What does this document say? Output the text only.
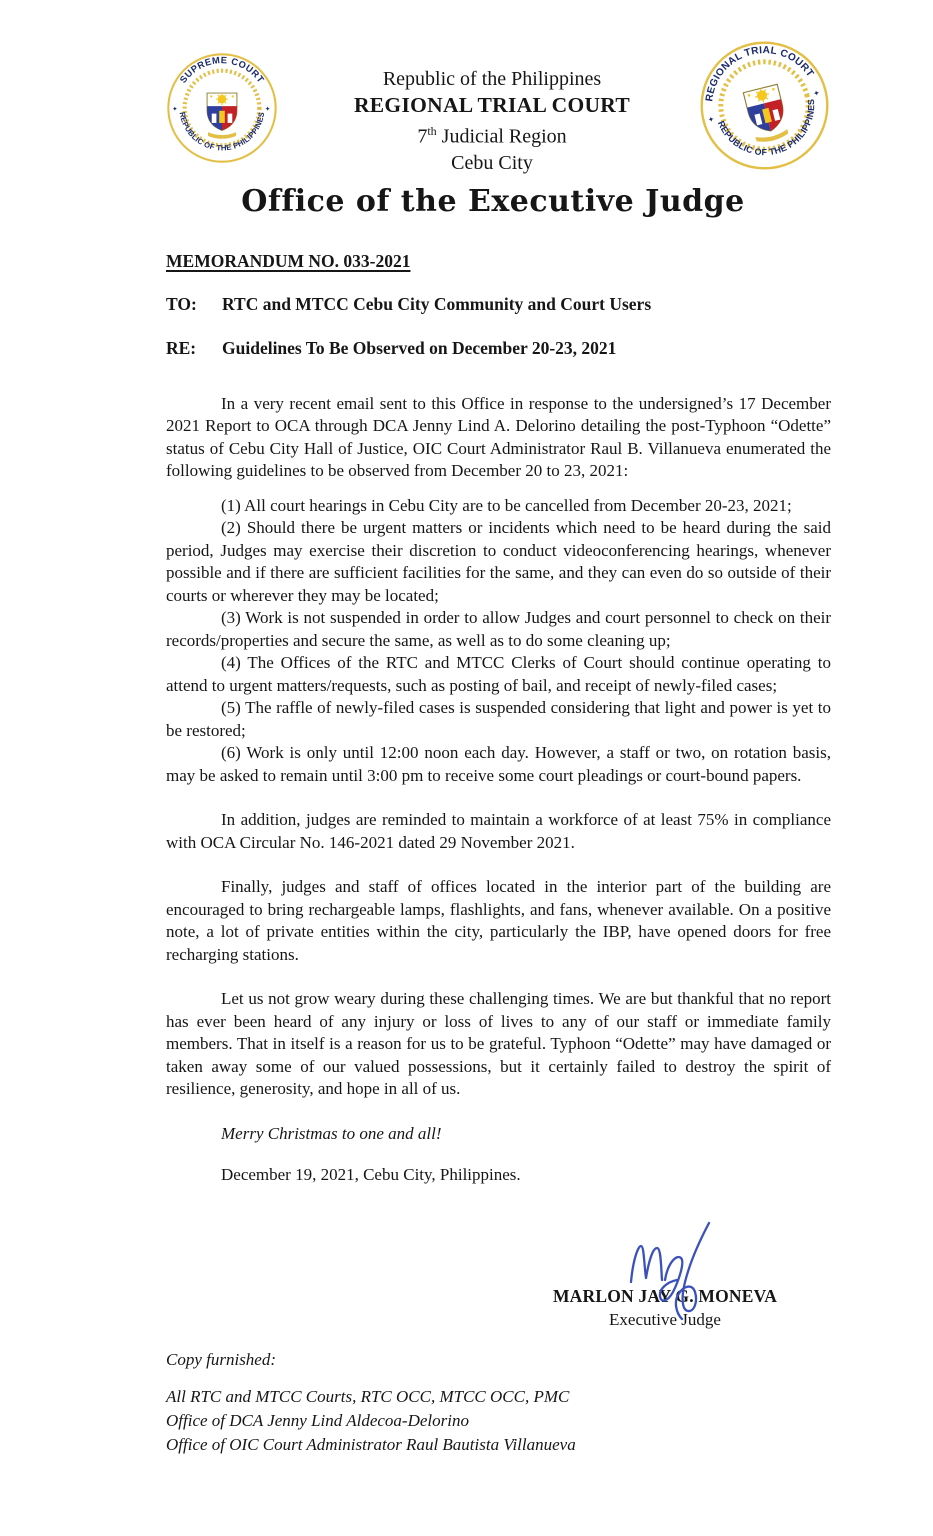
SUPREME COURT
REPUBLIC OF THE PHILIPPINES
✦	✦
REGIONAL TRIAL COURT
REPUBLIC OF THE PHILIPPINES
✦
✦
Republic of the Philippines
REGIONAL TRIAL COURT
7th Judicial Region
Cebu City
Office of the Executive Judge
MEMORANDUM NO. 033-2021
TO:	RTC and MTCC Cebu City Community and Court Users
RE:	Guidelines To Be Observed on December 20-23, 2021

In a very recent email sent to this Office in response to the undersigned’s 17 December 2021 Report to OCA through DCA Jenny Lind A. Delorino detailing the post-Typhoon “Odette” status of Cebu City Hall of Justice, OIC Court Administrator Raul B. Villanueva enumerated the following guidelines to be observed from December 20 to 23, 2021:

(1) All court hearings in Cebu City are to be cancelled from December 20-23, 2021;

(2) Should there be urgent matters or incidents which need to be heard during the said period, Judges may exercise their discretion to conduct videoconferencing hearings, whenever possible and if there are sufficient facilities for the same, and they can even do so outside of their courts or wherever they may be located;

(3) Work is not suspended in order to allow Judges and court personnel to check on their records/properties and secure the same, as well as to do some cleaning up;

(4) The Offices of the RTC and MTCC Clerks of Court should continue operating to attend to urgent matters/requests, such as posting of bail, and receipt of newly-filed cases;

(5) The raffle of newly-filed cases is suspended considering that light and power is yet to be restored;

(6) Work is only until 12:00 noon each day. However, a staff or two, on rotation basis, may be asked to remain until 3:00 pm to receive some court pleadings or court-bound papers.

In addition, judges are reminded to maintain a workforce of at least 75% in compliance with OCA Circular No. 146-2021 dated 29 November 2021.

Finally, judges and staff of offices located in the interior part of the building are encouraged to bring rechargeable lamps, flashlights, and fans, whenever available. On a positive note, a lot of private entities within the city, particularly the IBP, have opened doors for free recharging stations.

Let us not grow weary during these challenging times. We are but thankful that no report has ever been heard of any injury or loss of lives to any of our staff or immediate family members. That in itself is a reason for us to be grateful. Typhoon “Odette” may have damaged or taken away some of our valued possessions, but it certainly failed to destroy the spirit of resilience, generosity, and hope in all of us.

Merry Christmas to one and all!

December 19, 2021, Cebu City, Philippines.

MARLON JAY G. MONEVA
Executive Judge
Copy furnished:
All RTC and MTCC Courts, RTC OCC, MTCC OCC, PMC
Office of DCA Jenny Lind Aldecoa-Delorino
Office of OIC Court Administrator Raul Bautista Villanueva
